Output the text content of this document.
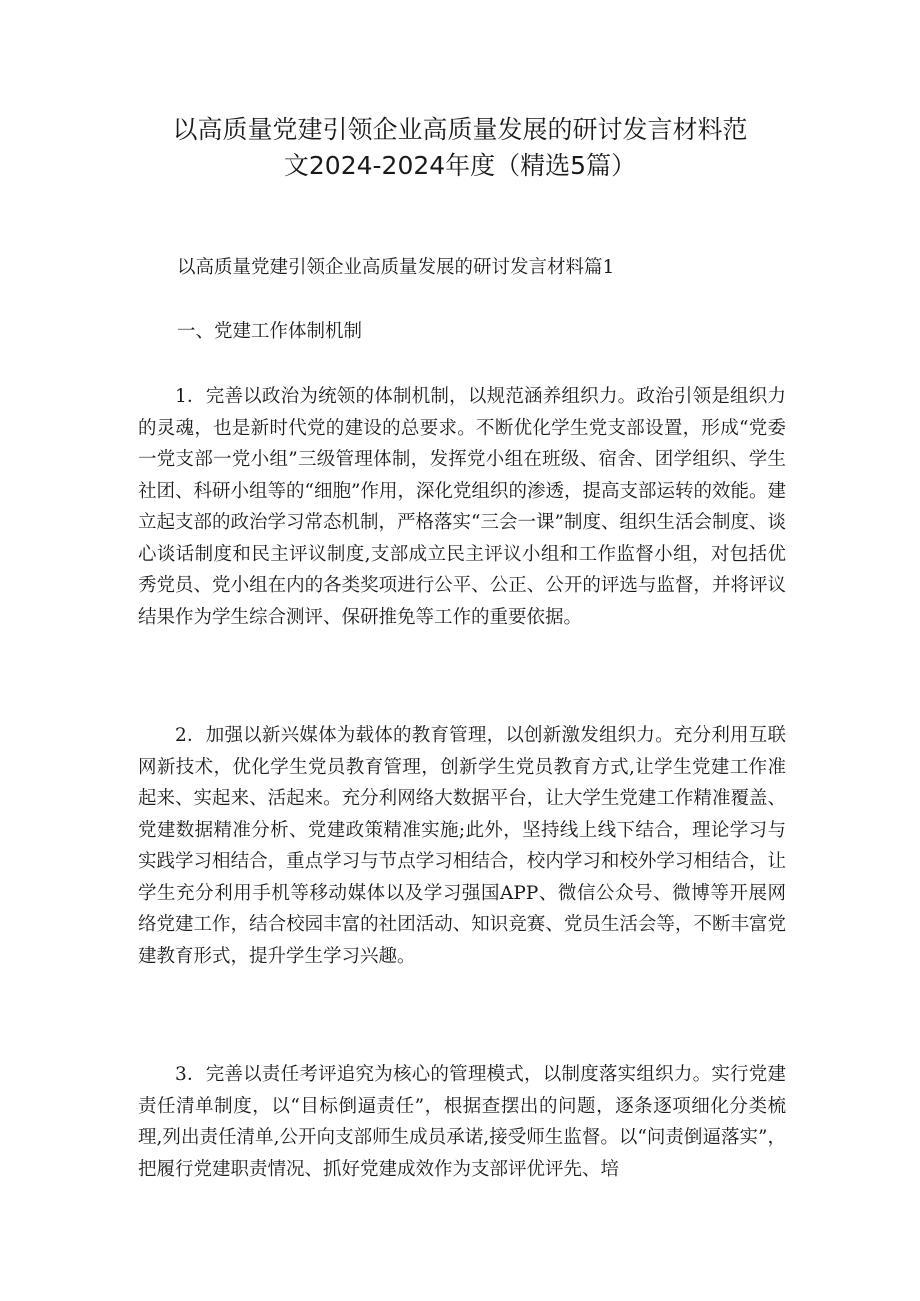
以高质量党建引领企业高质量发展的研讨发言材料范
文2024-2024年度（精选5篇）

以高质量党建引领企业高质量发展的研讨发言材料篇1

一、党建工作体制机制

1．完善以政治为统领的体制机制，以规范涵养组织力。政治引领是组织力的灵魂，也是新时代党的建设的总要求。不断优化学生党支部设置，形成“党委一党支部一党小组”三级管理体制，发挥党小组在班级、宿舍、团学组织、学生社团、科研小组等的“细胞”作用，深化党组织的渗透，提高支部运转的效能。建立起支部的政治学习常态机制，严格落实“三会一课”制度、组织生活会制度、谈心谈话制度和民主评议制度,支部成立民主评议小组和工作监督小组，对包括优秀党员、党小组在内的各类奖项进行公平、公正、公开的评选与监督，并将评议结果作为学生综合测评、保研推免等工作的重要依据。

2．加强以新兴媒体为载体的教育管理，以创新激发组织力。充分利用互联网新技术，优化学生党员教育管理，创新学生党员教育方式,让学生党建工作准起来、实起来、活起来。充分利网络大数据平台，让大学生党建工作精准覆盖、党建数据精准分析、党建政策精准实施;此外，坚持线上线下结合，理论学习与实践学习相结合，重点学习与节点学习相结合，校内学习和校外学习相结合，让学生充分利用手机等移动媒体以及学习强国APP、微信公众号、微博等开展网络党建工作，结合校园丰富的社团活动、知识竞赛、党员生活会等，不断丰富党建教育形式，提升学生学习兴趣。

3．完善以责任考评追究为核心的管理模式，以制度落实组织力。实行党建责任清单制度，以“目标倒逼责任”，根据查摆出的问题，逐条逐项细化分类梳理,列出责任清单,公开向支部师生成员承诺,接受师生监督。以“问责倒逼落实”，把履行党建职责情况、抓好党建成效作为支部评优评先、培
